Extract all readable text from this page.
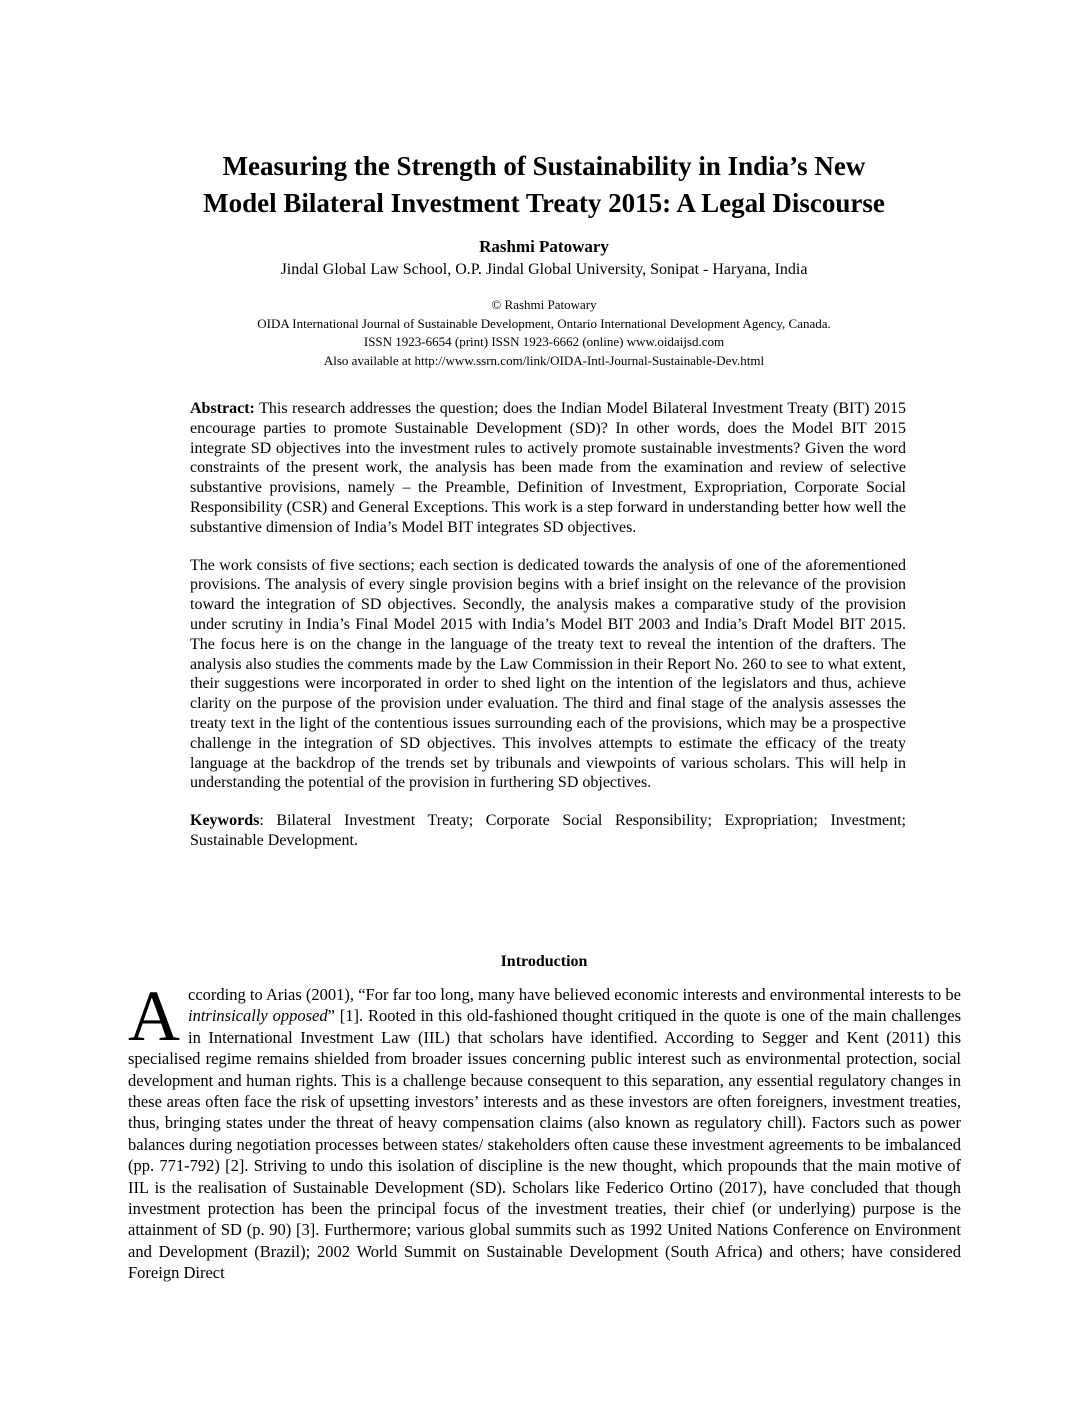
Measuring the Strength of Sustainability in India’s New
Model Bilateral Investment Treaty 2015: A Legal Discourse
Rashmi Patowary
Jindal Global Law School, O.P. Jindal Global University, Sonipat - Haryana, India
© Rashmi Patowary
OIDA International Journal of Sustainable Development, Ontario International Development Agency, Canada.
ISSN 1923-6654 (print) ISSN 1923-6662 (online) www.oidaijsd.com
Also available at http://www.ssrn.com/link/OIDA-Intl-Journal-Sustainable-Dev.html

Abstract: This research addresses the question; does the Indian Model Bilateral Investment Treaty (BIT) 2015 encourage parties to promote Sustainable Development (SD)? In other words, does the Model BIT 2015 integrate SD objectives into the investment rules to actively promote sustainable investments? Given the word constraints of the present work, the analysis has been made from the examination and review of selective substantive provisions, namely – the Preamble, Definition of Investment, Expropriation, Corporate Social Responsibility (CSR) and General Exceptions. This work is a step forward in understanding better how well the substantive dimension of India’s Model BIT integrates SD objectives.

The work consists of five sections; each section is dedicated towards the analysis of one of the aforementioned provisions. The analysis of every single provision begins with a brief insight on the relevance of the provision toward the integration of SD objectives. Secondly, the analysis makes a comparative study of the provision under scrutiny in India’s Final Model 2015 with India’s Model BIT 2003 and India’s Draft Model BIT 2015. The focus here is on the change in the language of the treaty text to reveal the intention of the drafters. The analysis also studies the comments made by the Law Commission in their Report No. 260 to see to what extent, their suggestions were incorporated in order to shed light on the intention of the legislators and thus, achieve clarity on the purpose of the provision under evaluation. The third and final stage of the analysis assesses the treaty text in the light of the contentious issues surrounding each of the provisions, which may be a prospective challenge in the integration of SD objectives. This involves attempts to estimate the efficacy of the treaty language at the backdrop of the trends set by tribunals and viewpoints of various scholars. This will help in understanding the potential of the provision in furthering SD objectives.

Keywords: Bilateral Investment Treaty; Corporate Social Responsibility; Expropriation; Investment; Sustainable Development.

Introduction
According to Arias (2001), “For far too long, many have believed economic interests and environmental interests to be intrinsically opposed” [1]. Rooted in this old-fashioned thought critiqued in the quote is one of the main challenges in International Investment Law (IIL) that scholars have identified. According to Segger and Kent (2011) this specialised regime remains shielded from broader issues concerning public interest such as environmental protection, social development and human rights. This is a challenge because consequent to this separation, any essential regulatory changes in these areas often face the risk of upsetting investors’ interests and as these investors are often foreigners, investment treaties, thus, bringing states under the threat of heavy compensation claims (also known as regulatory chill). Factors such as power balances during negotiation processes between states/ stakeholders often cause these investment agreements to be imbalanced (pp. 771-792) [2]. Striving to undo this isolation of discipline is the new thought, which propounds that the main motive of IIL is the realisation of Sustainable Development (SD). Scholars like Federico Ortino (2017), have concluded that though investment protection has been the principal focus of the investment treaties, their chief (or underlying) purpose is the attainment of SD (p. 90) [3]. Furthermore; various global summits such as 1992 United Nations Conference on Environment and Development (Brazil); 2002 World Summit on Sustainable Development (South Africa) and others; have considered Foreign Direct
